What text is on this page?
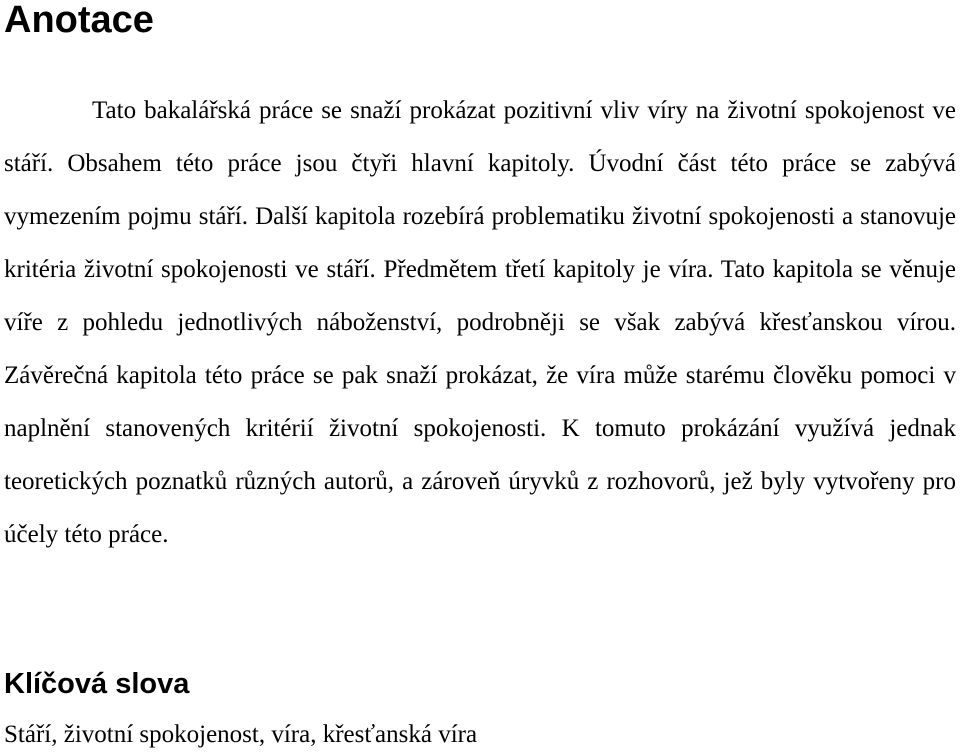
Anotace

Tato bakalářská práce se snaží prokázat pozitivní vliv víry na životní spokojenost ve stáří. Obsahem této práce jsou čtyři hlavní kapitoly. Úvodní část této práce se zabývá vymezením pojmu stáří. Další kapitola rozebírá problematiku životní spokojenosti a stanovuje kritéria životní spokojenosti ve stáří. Předmětem třetí kapitoly je víra. Tato kapitola se věnuje víře z pohledu jednotlivých náboženství, podrobněji se však zabývá křesťanskou vírou. Závěrečná kapitola této práce se pak snaží prokázat, že víra může starému člověku pomoci v naplnění stanovených kritérií životní spokojenosti. K tomuto prokázání využívá jednak teoretických poznatků různých autorů, a zároveň úryvků z rozhovorů, jež byly vytvořeny pro účely této práce.

Klíčová slova

Stáří, životní spokojenost, víra, křesťanská víra
